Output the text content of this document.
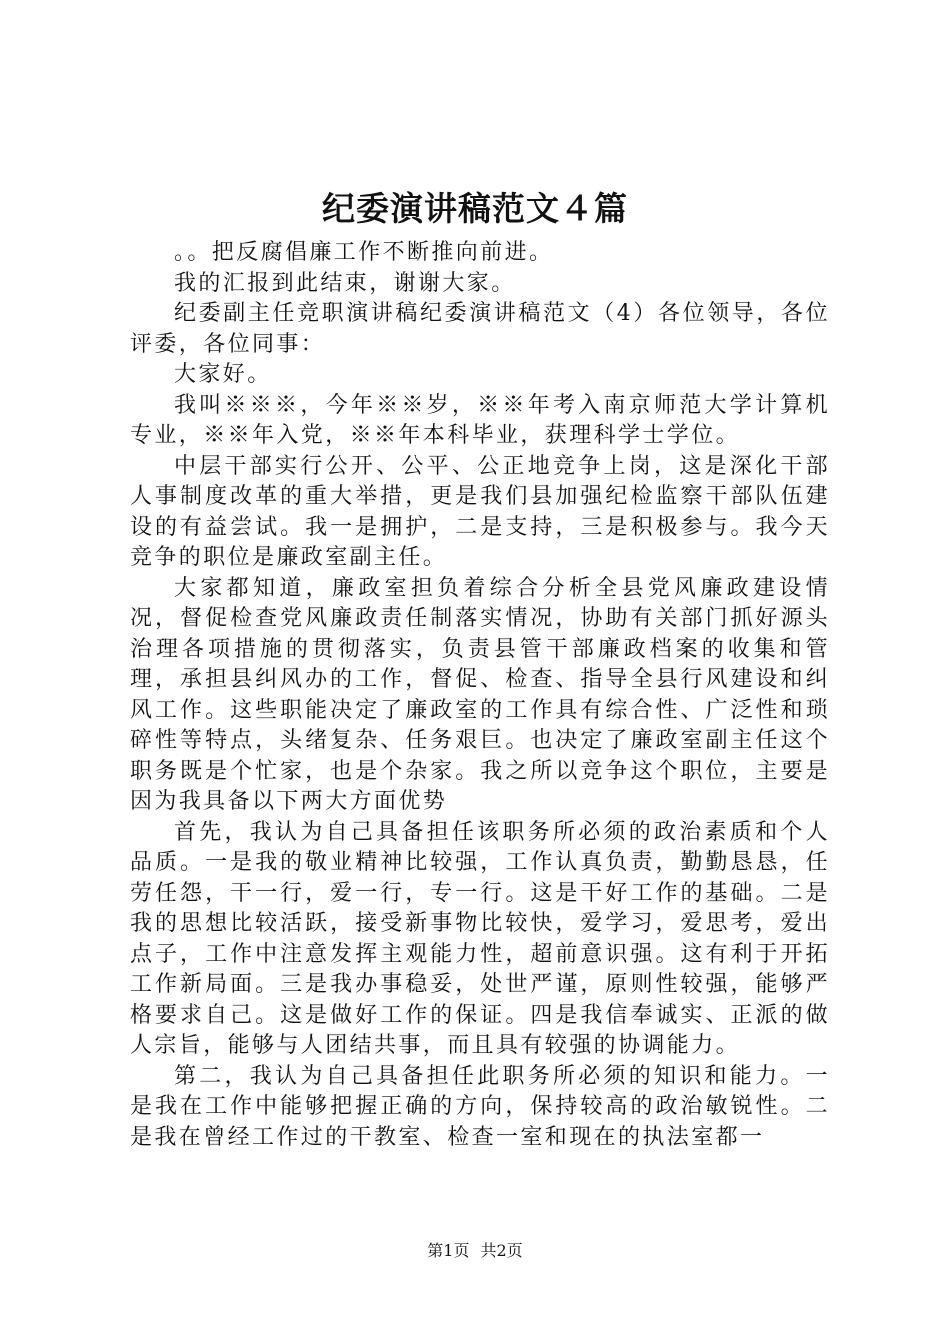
纪委演讲稿范文４篇

。。把反腐倡廉工作不断推向前进。

我的汇报到此结束，谢谢大家。

纪委副主任竞职演讲稿纪委演讲稿范文（4）各位领导，各位评委，各位同事：

大家好。

我叫※※※，今年※※岁，※※年考入南京师范大学计算机专业，※※年入党，※※年本科毕业，获理科学士学位。

中层干部实行公开、公平、公正地竞争上岗，这是深化干部人事制度改革的重大举措，更是我们县加强纪检监察干部队伍建设的有益尝试。我一是拥护，二是支持，三是积极参与。我今天竞争的职位是廉政室副主任。

大家都知道，廉政室担负着综合分析全县党风廉政建设情况，督促检查党风廉政责任制落实情况，协助有关部门抓好源头治理各项措施的贯彻落实，负责县管干部廉政档案的收集和管理，承担县纠风办的工作，督促、检查、指导全县行风建设和纠风工作。这些职能决定了廉政室的工作具有综合性、广泛性和琐碎性等特点，头绪复杂、任务艰巨。也决定了廉政室副主任这个职务既是个忙家，也是个杂家。我之所以竞争这个职位，主要是因为我具备以下两大方面优势

首先，我认为自己具备担任该职务所必须的政治素质和个人品质。一是我的敬业精神比较强，工作认真负责，勤勤恳恳，任劳任怨，干一行，爱一行，专一行。这是干好工作的基础。二是我的思想比较活跃，接受新事物比较快，爱学习，爱思考，爱出点子，工作中注意发挥主观能力性，超前意识强。这有利于开拓工作新局面。三是我办事稳妥，处世严谨，原则性较强，能够严格要求自己。这是做好工作的保证。四是我信奉诚实、正派的做人宗旨，能够与人团结共事，而且具有较强的协调能力。

第二，我认为自己具备担任此职务所必须的知识和能力。一是我在工作中能够把握正确的方向，保持较高的政治敏锐性。二是我在曾经工作过的干教室、检查一室和现在的执法室都一

第1页 共2页
